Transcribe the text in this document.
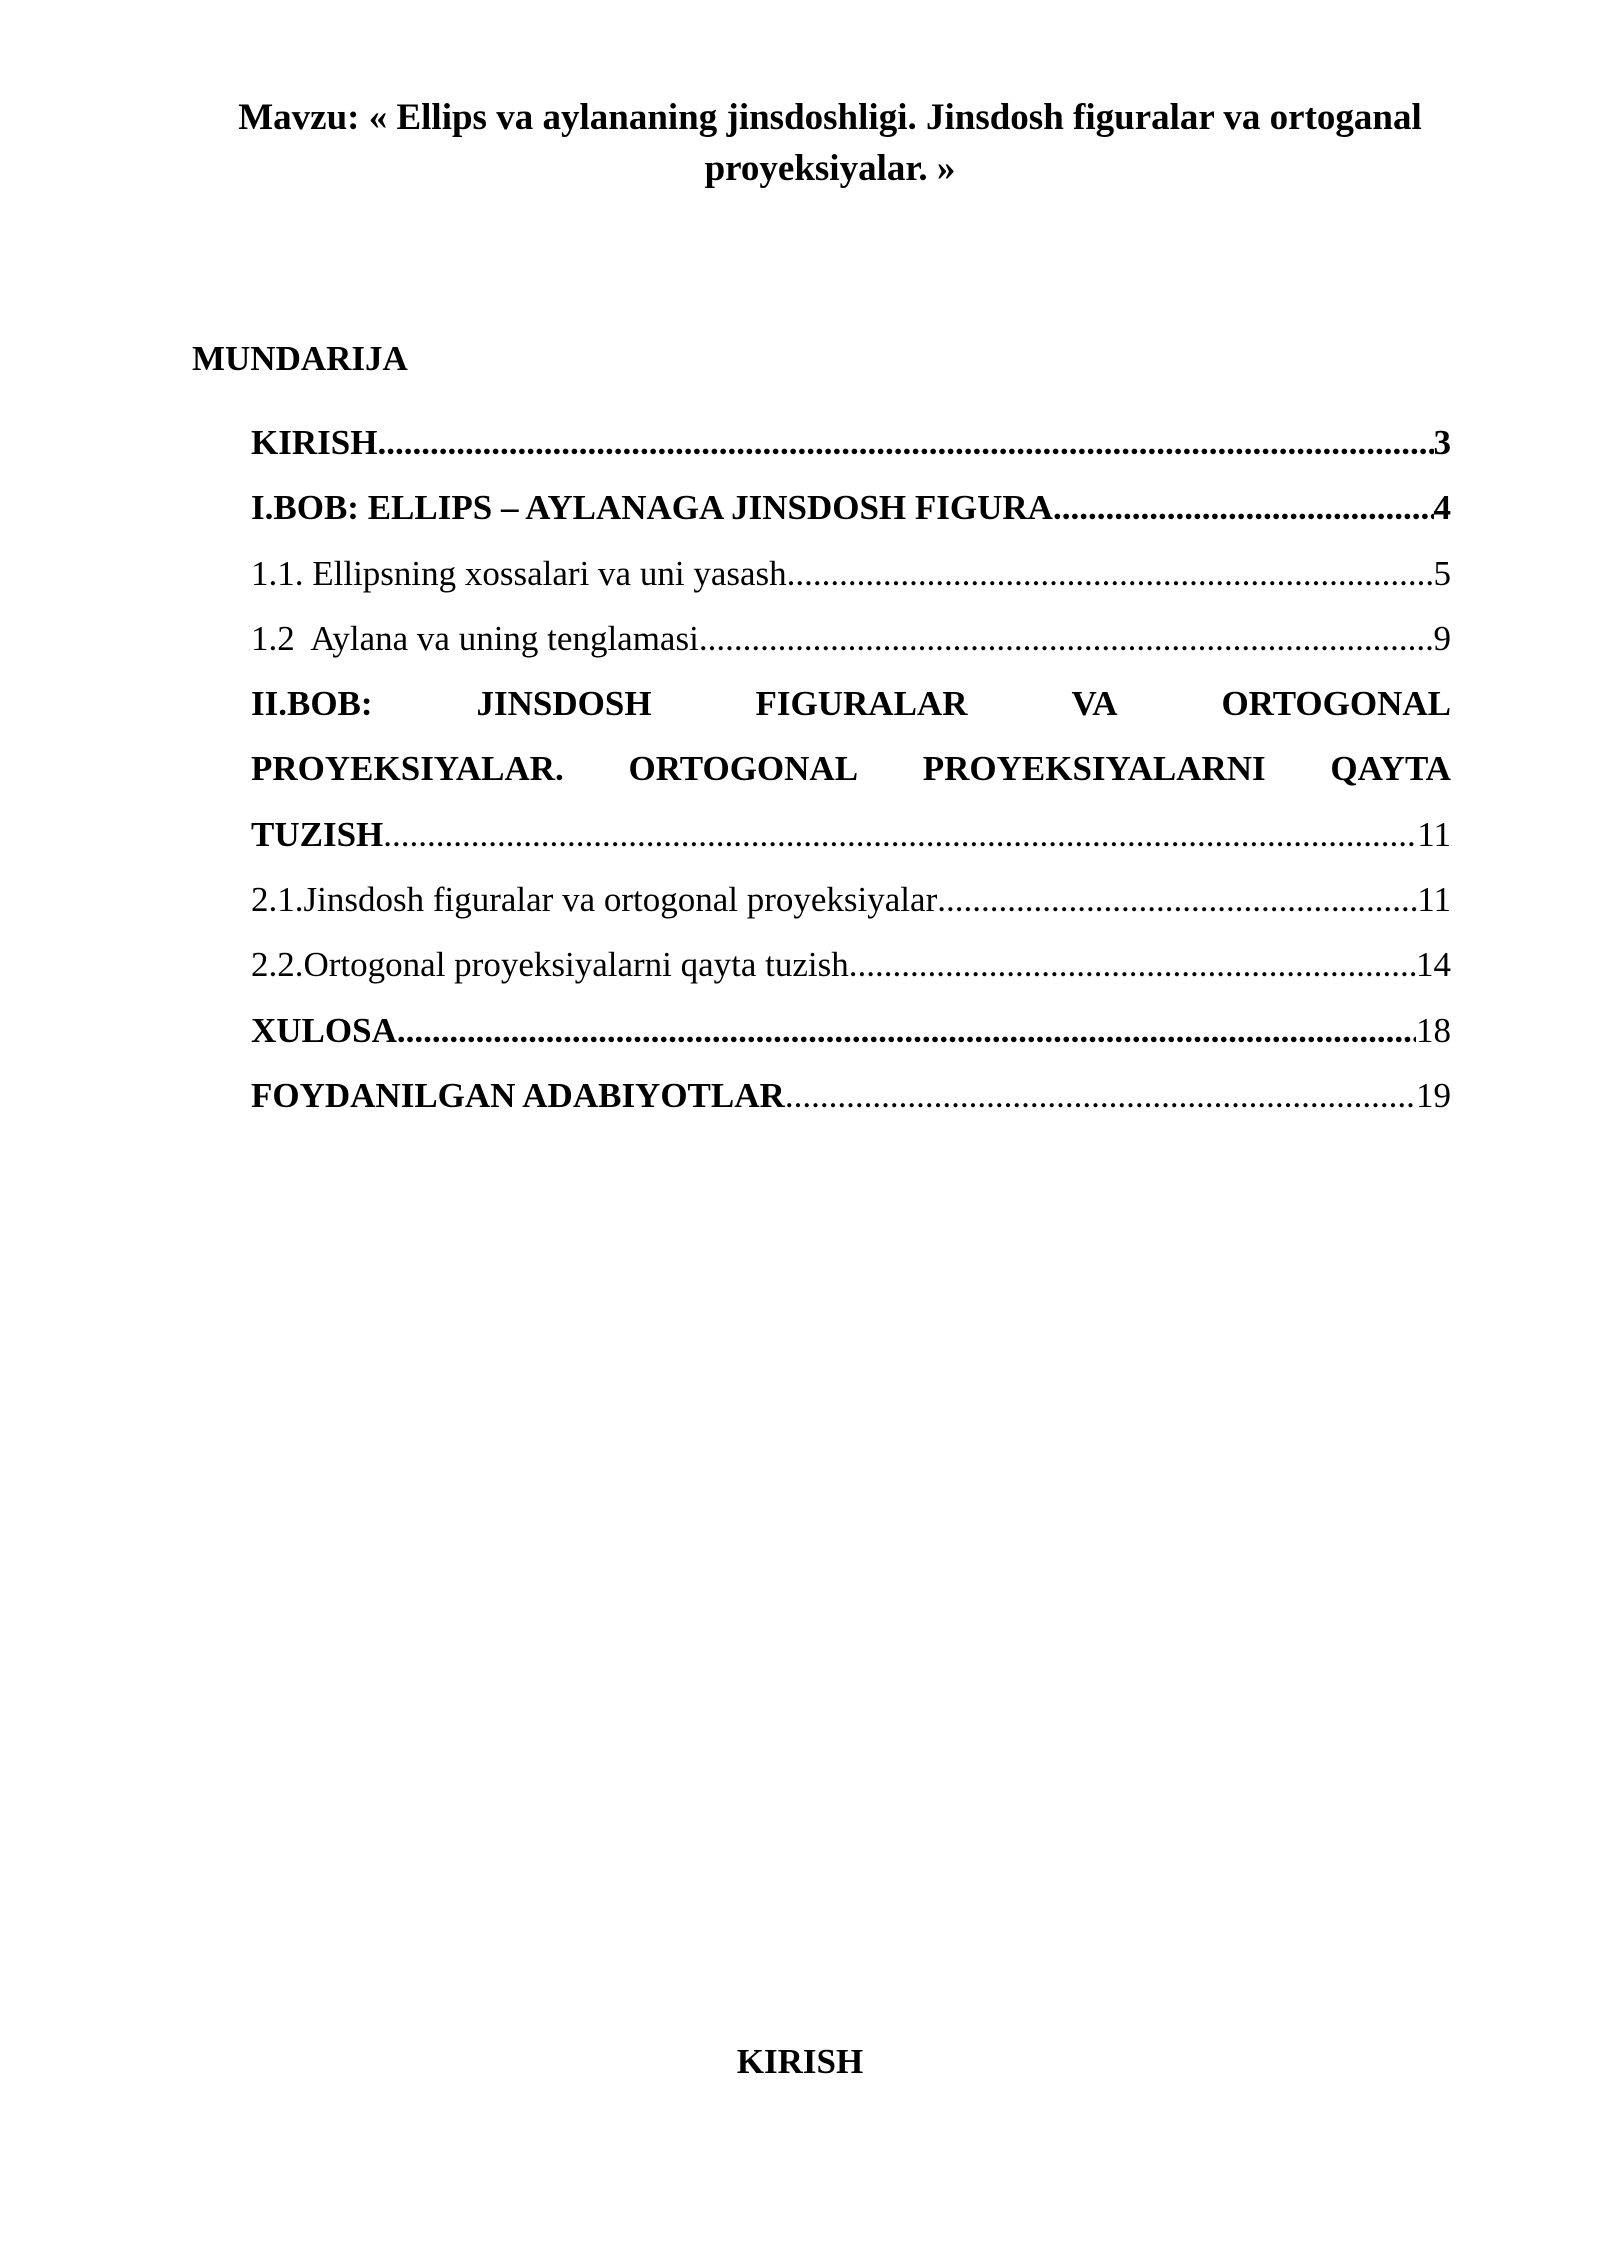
Mavzu: « Ellips va aylananing jinsdoshligi. Jinsdosh figuralar va ortoganal
proyeksiyalar. »
MUNDARIJA
KIRISH .....	3
I.BOB: ELLIPS – AYLANAGA JINSDOSH FIGURA. .....	4
1.1. Ellipsning xossalari va uni yasash .....	5
1.2  Aylana va uning tenglamasi .....	9
II.BOB:	JINSDOSH	FIGURALAR	VA	ORTOGONAL
PROYEKSIYALAR. ORTOGONAL PROYEKSIYALARNI QAYTA
TUZISH .....	11
2.1.Jinsdosh figuralar va ortogonal proyeksiyalar .....	11
2.2.Ortogonal proyeksiyalarni qayta tuzish .....	14
XULOSA .....	18
FOYDANILGAN ADABIYOTLAR .....	19
KIRISH
